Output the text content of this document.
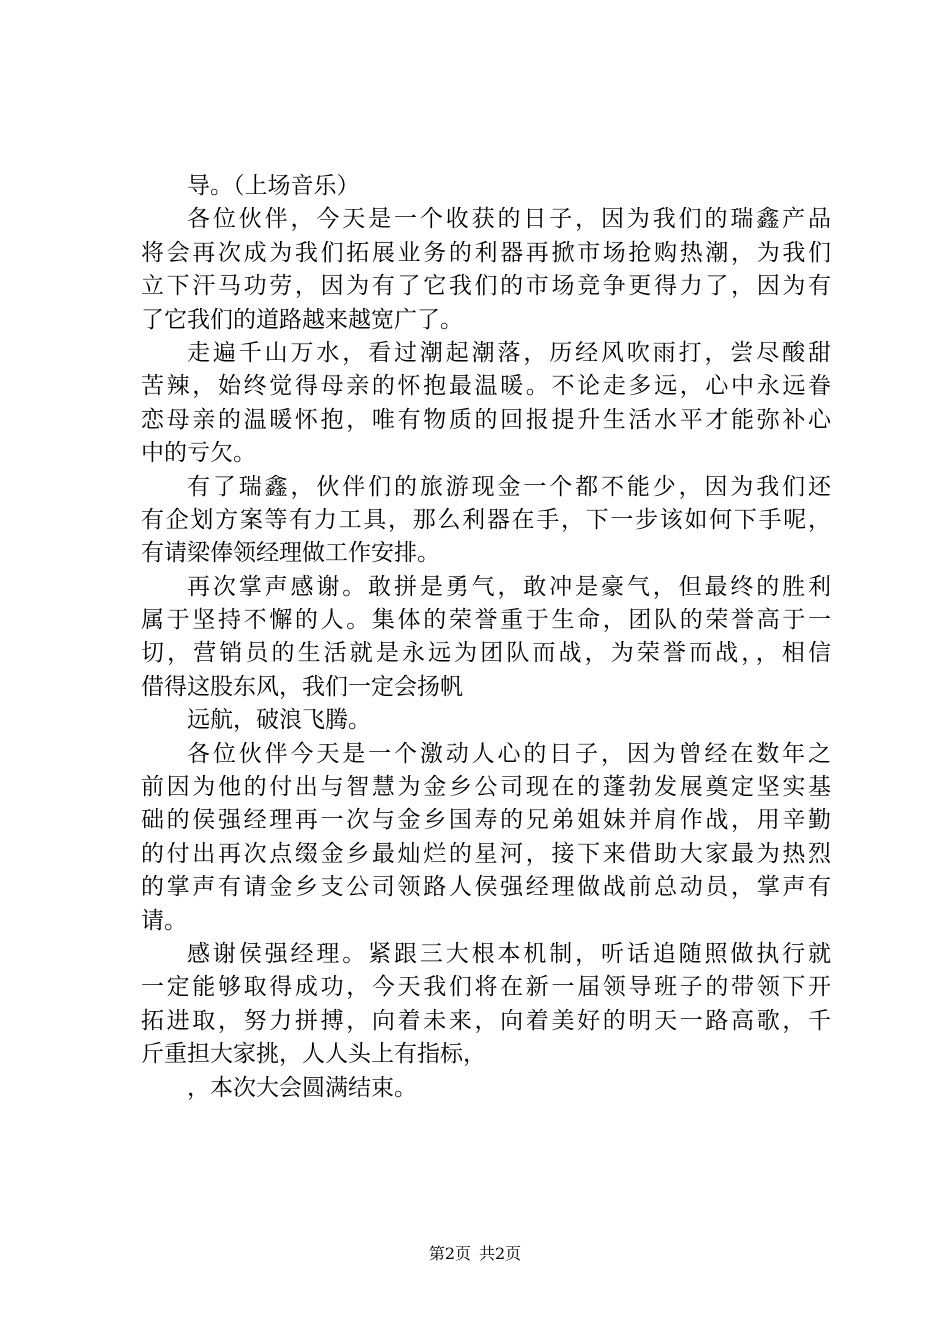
导。（上场音乐）
各位伙伴，今天是一个收获的日子，因为我们的瑞鑫产品
将会再次成为我们拓展业务的利器再掀市场抢购热潮，为我们
立下汗马功劳，因为有了它我们的市场竞争更得力了，因为有
了它我们的道路越来越宽广了。
走遍千山万水，看过潮起潮落，历经风吹雨打，尝尽酸甜
苦辣，始终觉得母亲的怀抱最温暖。不论走多远，心中永远眷
恋母亲的温暖怀抱，唯有物质的回报提升生活水平才能弥补心
中的亏欠。
有了瑞鑫，伙伴们的旅游现金一个都不能少，因为我们还
有企划方案等有力工具，那么利器在手，下一步该如何下手呢，
有请梁俸领经理做工作安排。
再次掌声感谢。敢拼是勇气，敢冲是豪气，但最终的胜利
属于坚持不懈的人。集体的荣誉重于生命，团队的荣誉高于一
切，营销员的生活就是永远为团队而战，为荣誉而战，，相信
借得这股东风，我们一定会扬帆
远航，破浪飞腾。
各位伙伴今天是一个激动人心的日子，因为曾经在数年之
前因为他的付出与智慧为金乡公司现在的蓬勃发展奠定坚实基
础的侯强经理再一次与金乡国寿的兄弟姐妹并肩作战，用辛勤
的付出再次点缀金乡最灿烂的星河，接下来借助大家最为热烈
的掌声有请金乡支公司领路人侯强经理做战前总动员，掌声有
请。
感谢侯强经理。紧跟三大根本机制，听话追随照做执行就
一定能够取得成功，今天我们将在新一届领导班子的带领下开
拓进取，努力拼搏，向着未来，向着美好的明天一路高歌，千
斤重担大家挑，人人头上有指标，
，本次大会圆满结束。
第2页 共2页
